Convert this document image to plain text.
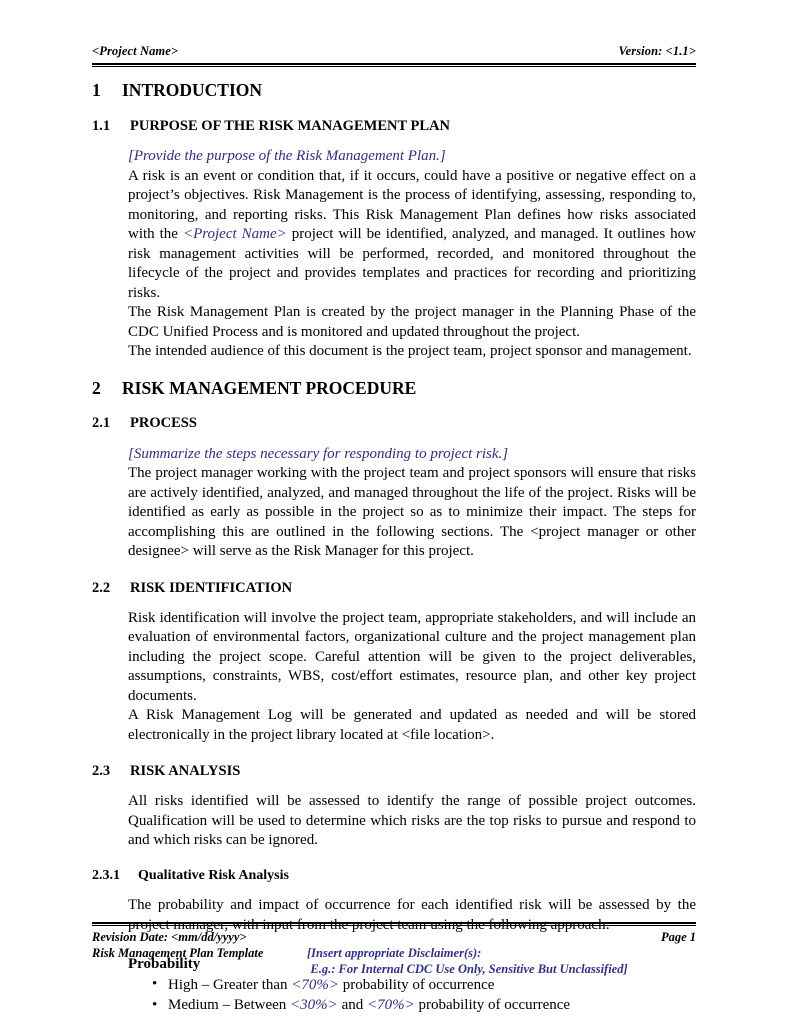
<Project Name>	Version: <1.1>
1	INTRODUCTION
1.1	PURPOSE OF THE RISK MANAGEMENT PLAN

[Provide the purpose of the Risk Management Plan.]

A risk is an event or condition that, if it occurs, could have a positive or negative effect on a project’s objectives. Risk Management is the process of identifying, assessing, responding to, monitoring, and reporting risks. This Risk Management Plan defines how risks associated with the <Project Name> project will be identified, analyzed, and managed. It outlines how risk management activities will be performed, recorded, and monitored throughout the lifecycle of the project and provides templates and practices for recording and prioritizing risks.

The Risk Management Plan is created by the project manager in the Planning Phase of the CDC Unified Process and is monitored and updated throughout the project.

The intended audience of this document is the project team, project sponsor and management.

2	RISK MANAGEMENT PROCEDURE
2.1	PROCESS

[Summarize the steps necessary for responding to project risk.]

The project manager working with the project team and project sponsors will ensure that risks are actively identified, analyzed, and managed throughout the life of the project. Risks will be identified as early as possible in the project so as to minimize their impact. The steps for accomplishing this are outlined in the following sections. The <project manager or other designee> will serve as the Risk Manager for this project.

2.2	RISK IDENTIFICATION

Risk identification will involve the project team, appropriate stakeholders, and will include an evaluation of environmental factors, organizational culture and the project management plan including the project scope. Careful attention will be given to the project deliverables, assumptions, constraints, WBS, cost/effort estimates, resource plan, and other key project documents.

A Risk Management Log will be generated and updated as needed and will be stored electronically in the project library located at <file location>.

2.3	RISK ANALYSIS

All risks identified will be assessed to identify the range of possible project outcomes. Qualification will be used to determine which risks are the top risks to pursue and respond to and which risks can be ignored.

2.3.1	Qualitative Risk Analysis

The probability and impact of occurrence for each identified risk will be assessed by the project manager, with input from the project team using the following approach:

Probability

• High – Greater than <70%> probability of occurrence
• Medium – Between <30%> and <70%> probability of occurrence
Revision Date: <mm/dd/yyyy>	Page 1
Risk Management Plan Template	[Insert appropriate Disclaimer(s):
E.g.: For Internal CDC Use Only, Sensitive But Unclassified]
